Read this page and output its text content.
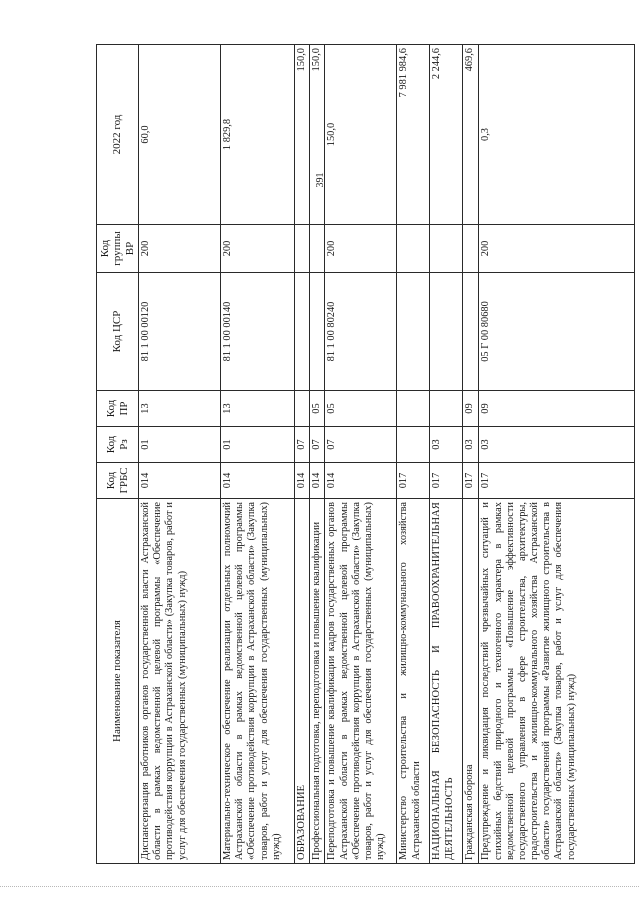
391
Наименование показателя	Код ГРБС	Код Рз	Код ПР	Код ЦСР	Код группы ВР	2022 год
Диспансеризация работников органов государственной власти Астраханской области в рамках ведомственной целевой программы «Обеспечение противодействия коррупции в Астраханской области» (Закупка товаров, работ и услуг для обеспечения государственных (муниципальных) нужд)	014	01	13	81 1 00 00120	200	60,0
Материально-техническое обеспечение реализации отдельных полномочий Астраханской области в рамках ведомственной целевой программы «Обеспечение противодействия коррупции в Астраханской области» (Закупка товаров, работ и услуг для обеспечения государственных (муниципальных) нужд)	014	01	13	81 1 00 00140	200	1 829,8
ОБРАЗОВАНИЕ	014	07				150,0
Профессиональная подготовка, переподготовка и повышение квалификации	014	07	05			150,0
Переподготовка и повышение квалификации кадров государственных органов Астраханской области в рамках ведомственной целевой программы «Обеспечение противодействия коррупции в Астраханской области» (Закупка товаров, работ и услуг для обеспечения государственных (муниципальных) нужд)	014	07	05	81 1 00 80240	200	150,0
Министерство строительства и жилищно-коммунального хозяйства Астраханской области	017					7 981 984,6
НАЦИОНАЛЬНАЯ БЕЗОПАСНОСТЬ И ПРАВООХРАНИТЕЛЬНАЯ ДЕЯТЕЛЬНОСТЬ	017	03				2 244,6
Гражданская оборона	017	03	09			469,6
Предупреждение и ликвидация последствий чрезвычайных ситуаций и стихийных бедствий природного и техногенного характера в рамках ведомственной целевой программы «Повышение эффективности государственного управления в сфере строительства, архитектуры, градостроительства и жилищно-коммунального хозяйства Астраханской области» государственной программы «Развитие жилищного строительства в Астраханской области» (Закупка товаров, работ и услуг для обеспечения государственных (муниципальных) нужд)	017	03	09	05 Г 00 80680	200	0,3
